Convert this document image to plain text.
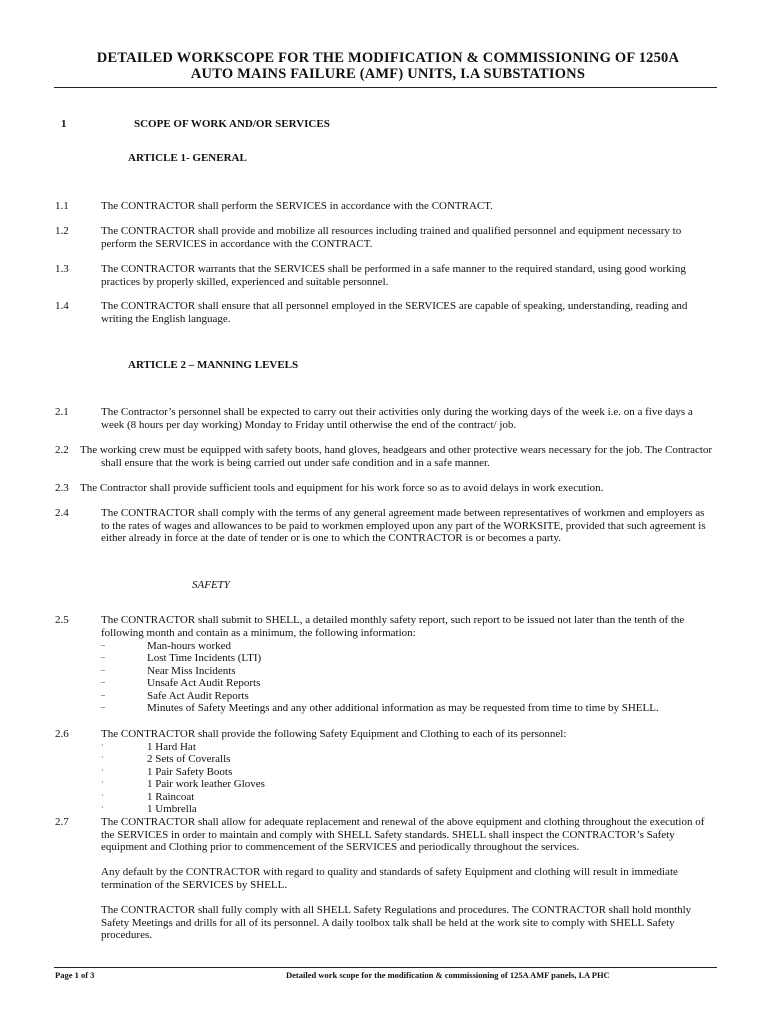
DETAILED WORKSCOPE FOR THE MODIFICATION & COMMISSIONING OF 1250A
AUTO MAINS FAILURE (AMF) UNITS, I.A SUBSTATIONS
1	SCOPE OF WORK AND/OR SERVICES
ARTICLE 1- GENERAL
1.1	The CONTRACTOR shall perform the SERVICES in accordance with the CONTRACT.
1.2	The CONTRACTOR shall provide and mobilize all resources including trained and qualified personnel and equipment necessary to perform the SERVICES in accordance with the CONTRACT.
1.3	The CONTRACTOR warrants that the SERVICES shall be performed in a safe manner to the required standard, using good working practices by properly skilled, experienced and suitable personnel.
1.4	The CONTRACTOR shall ensure that all personnel employed in the SERVICES are capable of speaking, understanding, reading and writing the English language.
ARTICLE 2 – MANNING LEVELS
2.1	The Contractor’s personnel shall be expected to carry out their activities only during the working days of the week i.e. on a five days a week (8 hours per day working) Monday to Friday until otherwise the end of the contract/ job.
2.2 The working crew must be equipped with safety boots, hand gloves, headgears and other protective wears necessary for the job. The Contractor shall ensure that the work is being carried out under safe condition and in a safe manner.
2.3 The Contractor shall provide sufficient tools and equipment for his work force so as to avoid delays in work execution.
2.4	The CONTRACTOR shall comply with the terms of any general agreement made between representatives of workmen and employers as to the rates of wages and allowances to be paid to workmen employed upon any part of the WORKSITE, provided that such agreement is either already in force at the date of tender or is one to which the CONTRACTOR is or becomes a party.
SAFETY
2.5	The CONTRACTOR shall submit to SHELL, a detailed monthly safety report, such report to be issued not later than the tenth of the following month and contain as a minimum, the following information:
–	Man-hours worked
–	Lost Time Incidents (LTI)
–	Near Miss Incidents
–	Unsafe Act Audit Reports
–	Safe Act Audit Reports
–	Minutes of Safety Meetings and any other additional information as may be requested from time to time by SHELL.
2.6	The CONTRACTOR shall provide the following Safety Equipment and Clothing to each of its personnel:
·	1 Hard Hat
·	2 Sets of Coveralls
·	1 Pair Safety Boots
·	1 Pair work leather Gloves
·	1 Raincoat
·	1 Umbrella
2.7	The CONTRACTOR shall allow for adequate replacement and renewal of the above equipment and clothing throughout the execution of the SERVICES in order to maintain and comply with SHELL Safety standards. SHELL shall inspect the CONTRACTOR’s Safety equipment and Clothing prior to commencement of the SERVICES and periodically throughout the services.
Any default by the CONTRACTOR with regard to quality and standards of safety Equipment and clothing will result in immediate termination of the SERVICES by SHELL.
The CONTRACTOR shall fully comply with all SHELL Safety Regulations and procedures. The CONTRACTOR shall hold monthly Safety Meetings and drills for all of its personnel. A daily toolbox talk shall be held at the work site to comply with SHELL Safety procedures.
Page 1 of 3	Detailed work scope for the modification & commissioning of 125A AMF panels, I.A PHC
